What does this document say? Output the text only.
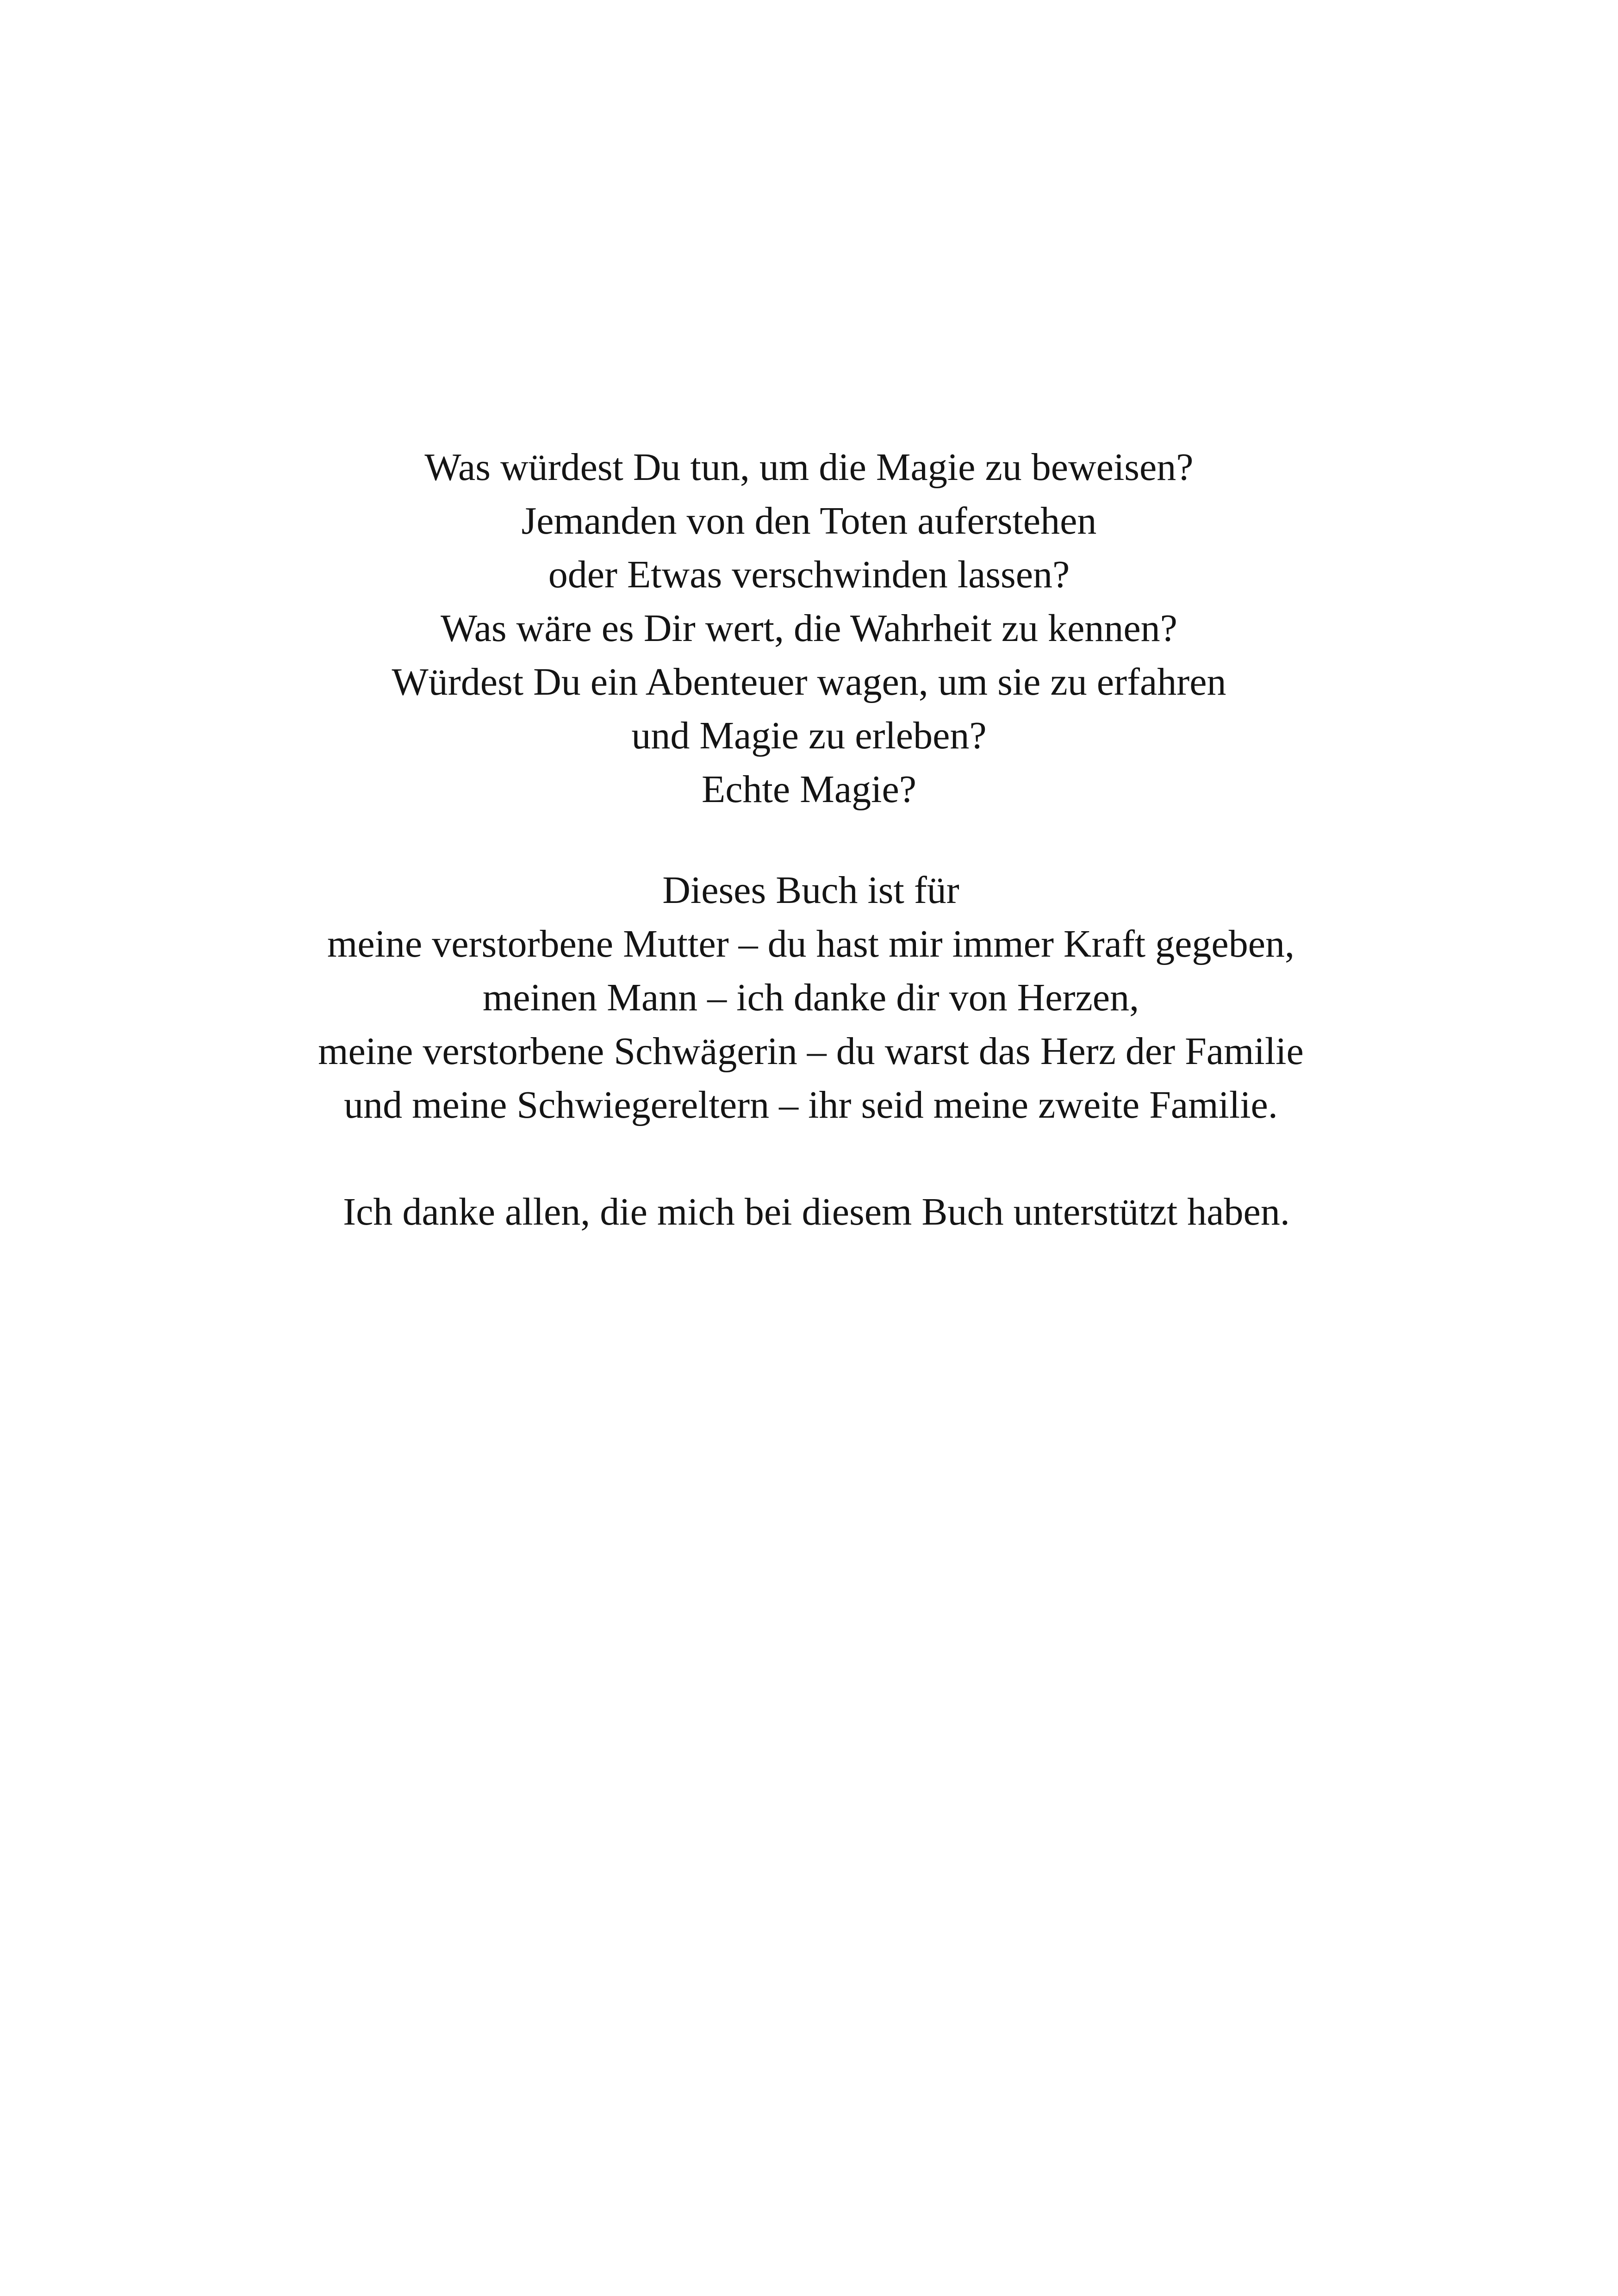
Was würdest Du tun, um die Magie zu beweisen?
Jemanden von den Toten auferstehen
oder Etwas verschwinden lassen?
Was wäre es Dir wert, die Wahrheit zu kennen?
Würdest Du ein Abenteuer wagen, um sie zu erfahren
und Magie zu erleben?
Echte Magie?

Dieses Buch ist für
meine verstorbene Mutter – du hast mir immer Kraft gegeben,
meinen Mann – ich danke dir von Herzen,
meine verstorbene Schwägerin – du warst das Herz der Familie
und meine Schwiegereltern – ihr seid meine zweite Familie.

Ich danke allen, die mich bei diesem Buch unterstützt haben.
